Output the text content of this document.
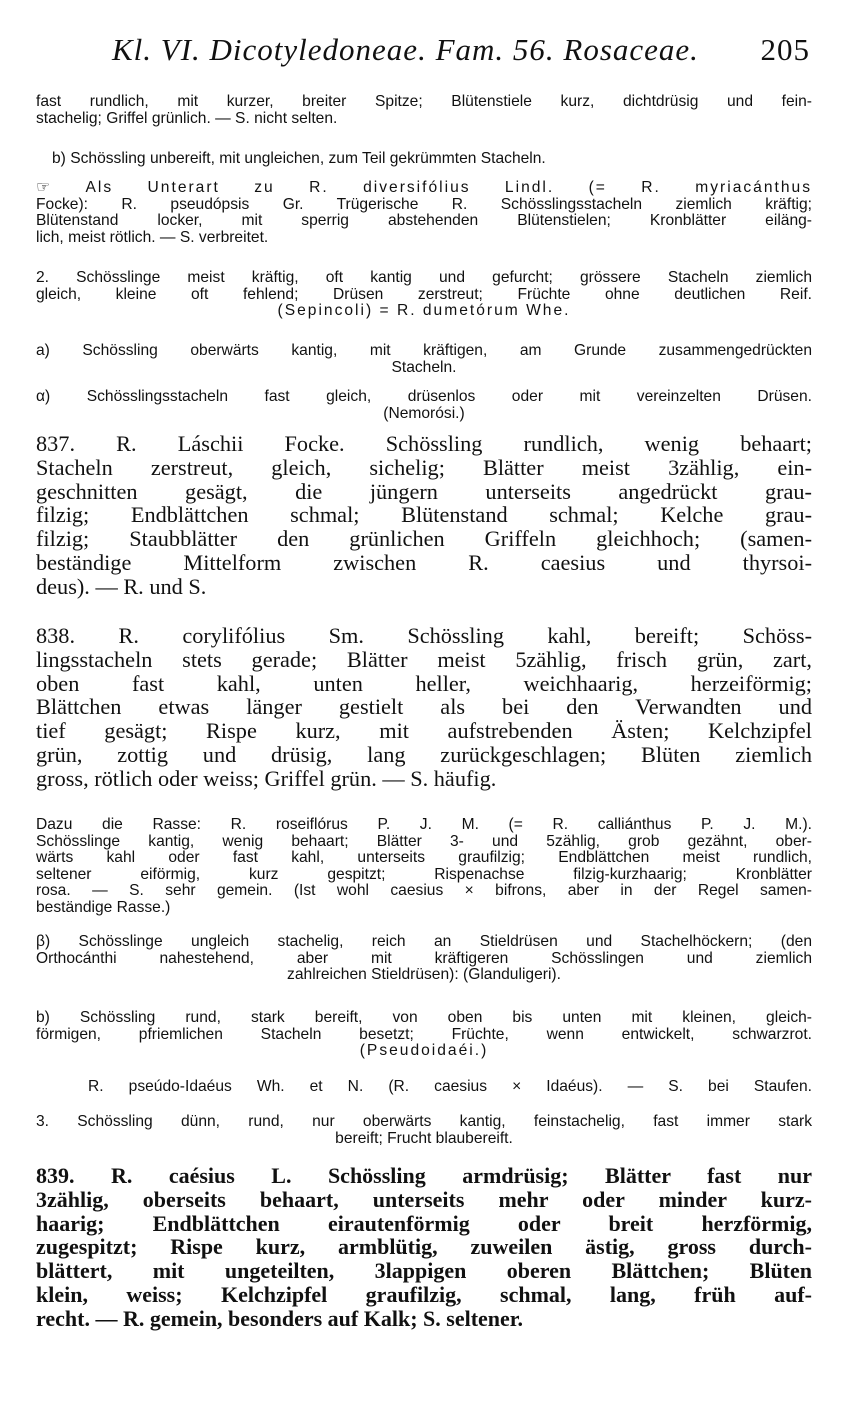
Kl. VI. Dicotyledoneae. Fam. 56. Rosaceae. 205

fast rundlich, mit kurzer, breiter Spitze; Blütenstiele kurz, dichtdrüsig und fein-
stachelig; Griffel grünlich. — S. nicht selten.

b) Schössling unbereift, mit ungleichen, zum Teil gekrümmten Stacheln.

☞ Als Unterart zu R. diversifólius Lindl. (= R. myriacánthus
Focke): R. pseudópsis Gr. Trügerische R. Schösslingsstacheln ziemlich kräftig;
Blütenstand locker, mit sperrig abstehenden Blütenstielen; Kronblätter eiläng-
lich, meist rötlich. — S. verbreitet.

2. Schösslinge meist kräftig, oft kantig und gefurcht; grössere Stacheln ziemlich
gleich, kleine oft fehlend; Drüsen zerstreut; Früchte ohne deutlichen Reif.
(Sepincoli) = R. dumetórum Whe.

a) Schössling oberwärts kantig, mit kräftigen, am Grunde zusammengedrückten
Stacheln.

α) Schösslingsstacheln fast gleich, drüsenlos oder mit vereinzelten Drüsen.
(Nemorósi.)

837. R. Láschii Focke. Schössling rundlich, wenig behaart;
Stacheln zerstreut, gleich, sichelig; Blätter meist 3zählig, ein-
geschnitten gesägt, die jüngern unterseits angedrückt grau-
filzig; Endblättchen schmal; Blütenstand schmal; Kelche grau-
filzig; Staubblätter den grünlichen Griffeln gleichhoch; (samen-
beständige Mittelform zwischen R. caesius und thyrsoi-
deus). — R. und S.

838. R. corylifólius Sm. Schössling kahl, bereift; Schöss-
lingsstacheln stets gerade; Blätter meist 5zählig, frisch grün, zart,
oben fast kahl, unten heller, weichhaarig, herzeiförmig;
Blättchen etwas länger gestielt als bei den Verwandten und
tief gesägt; Rispe kurz, mit aufstrebenden Ästen; Kelchzipfel
grün, zottig und drüsig, lang zurückgeschlagen; Blüten ziemlich
gross, rötlich oder weiss; Griffel grün. — S. häufig.

Dazu die Rasse: R. roseiflórus P. J. M. (= R. calliánthus P. J. M.).
Schösslinge kantig, wenig behaart; Blätter 3- und 5zählig, grob gezähnt, ober-
wärts kahl oder fast kahl, unterseits graufilzig; Endblättchen meist rundlich,
seltener eiförmig, kurz gespitzt; Rispenachse filzig-kurzhaarig; Kronblätter
rosa. — S. sehr gemein. (Ist wohl caesius × bifrons, aber in der Regel samen-
beständige Rasse.)

β) Schösslinge ungleich stachelig, reich an Stieldrüsen und Stachelhöckern; (den
Orthocánthi nahestehend, aber mit kräftigeren Schösslingen und ziemlich
zahlreichen Stieldrüsen): (Glanduligeri).

b) Schössling rund, stark bereift, von oben bis unten mit kleinen, gleich-
förmigen, pfriemlichen Stacheln besetzt; Früchte, wenn entwickelt, schwarzrot.
(Pseudoidaéi.)

R. pseúdo-Idaéus Wh. et N. (R. caesius × Idaéus). — S. bei Staufen.

3. Schössling dünn, rund, nur oberwärts kantig, feinstachelig, fast immer stark
bereift; Frucht blaubereift.

839. R. caésius L. Schössling armdrüsig; Blätter fast nur
3zählig, oberseits behaart, unterseits mehr oder minder kurz-
haarig; Endblättchen eirautenförmig oder breit herzförmig,
zugespitzt; Rispe kurz, armblütig, zuweilen ästig, gross durch-
blättert, mit ungeteilten, 3lappigen oberen Blättchen; Blüten
klein, weiss; Kelchzipfel graufilzig, schmal, lang, früh auf-
recht. — R. gemein, besonders auf Kalk; S. seltener.
